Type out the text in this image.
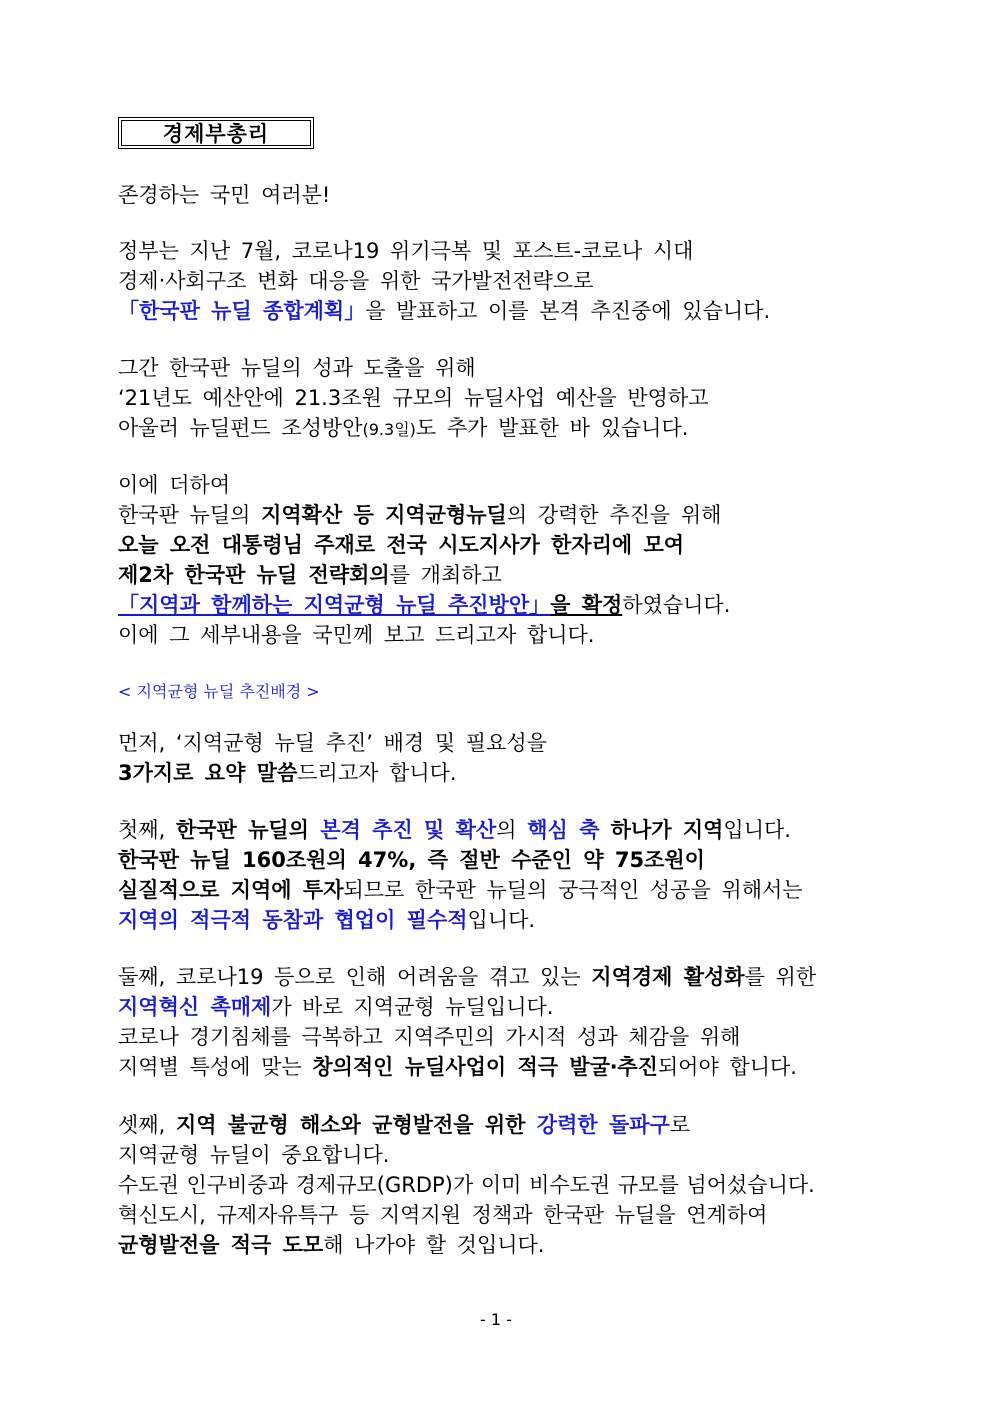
경제부총리
존경하는 국민 여러분!
정부는 지난 7월, 코로나19 위기극복 및 포스트-코로나 시대
경제‧사회구조 변화 대응을 위한 국가발전전략으로
「한국판 뉴딜 종합계획」을 발표하고 이를 본격 추진중에 있습니다.
그간 한국판 뉴딜의 성과 도출을 위해
‘21년도 예산안에 21.3조원 규모의 뉴딜사업 예산을 반영하고
아울러 뉴딜펀드 조성방안(9.3일)도 추가 발표한 바 있습니다.
이에 더하여
한국판 뉴딜의 지역확산 등 지역균형뉴딜의 강력한 추진을 위해
오늘 오전 대통령님 주재로 전국 시도지사가 한자리에 모여
제2차 한국판 뉴딜 전략회의를 개최하고
「지역과 함께하는 지역균형 뉴딜 추진방안」을 확정하였습니다.
이에 그 세부내용을 국민께 보고 드리고자 합니다.
< 지역균형 뉴딜 추진배경 >
먼저, ‘지역균형 뉴딜 추진’ 배경 및 필요성을
3가지로 요약 말씀드리고자 합니다.
첫째, 한국판 뉴딜의 본격 추진 및 확산의 핵심 축 하나가 지역입니다.
한국판 뉴딜 160조원의 47%, 즉 절반 수준인 약 75조원이
실질적으로 지역에 투자되므로 한국판 뉴딜의 궁극적인 성공을 위해서는
지역의 적극적 동참과 협업이 필수적입니다.
둘째, 코로나19 등으로 인해 어려움을 겪고 있는 지역경제 활성화를 위한
지역혁신 촉매제가 바로 지역균형 뉴딜입니다.
코로나 경기침체를 극복하고 지역주민의 가시적 성과 체감을 위해
지역별 특성에 맞는 창의적인 뉴딜사업이 적극 발굴‧추진되어야 합니다.
셋째, 지역 불균형 해소와 균형발전을 위한 강력한 돌파구로
지역균형 뉴딜이 중요합니다.
수도권 인구비중과 경제규모(GRDP)가 이미 비수도권 규모를 넘어섰습니다.
혁신도시, 규제자유특구 등 지역지원 정책과 한국판 뉴딜을 연계하여
균형발전을 적극 도모해 나가야 할 것입니다.
- 1 -
